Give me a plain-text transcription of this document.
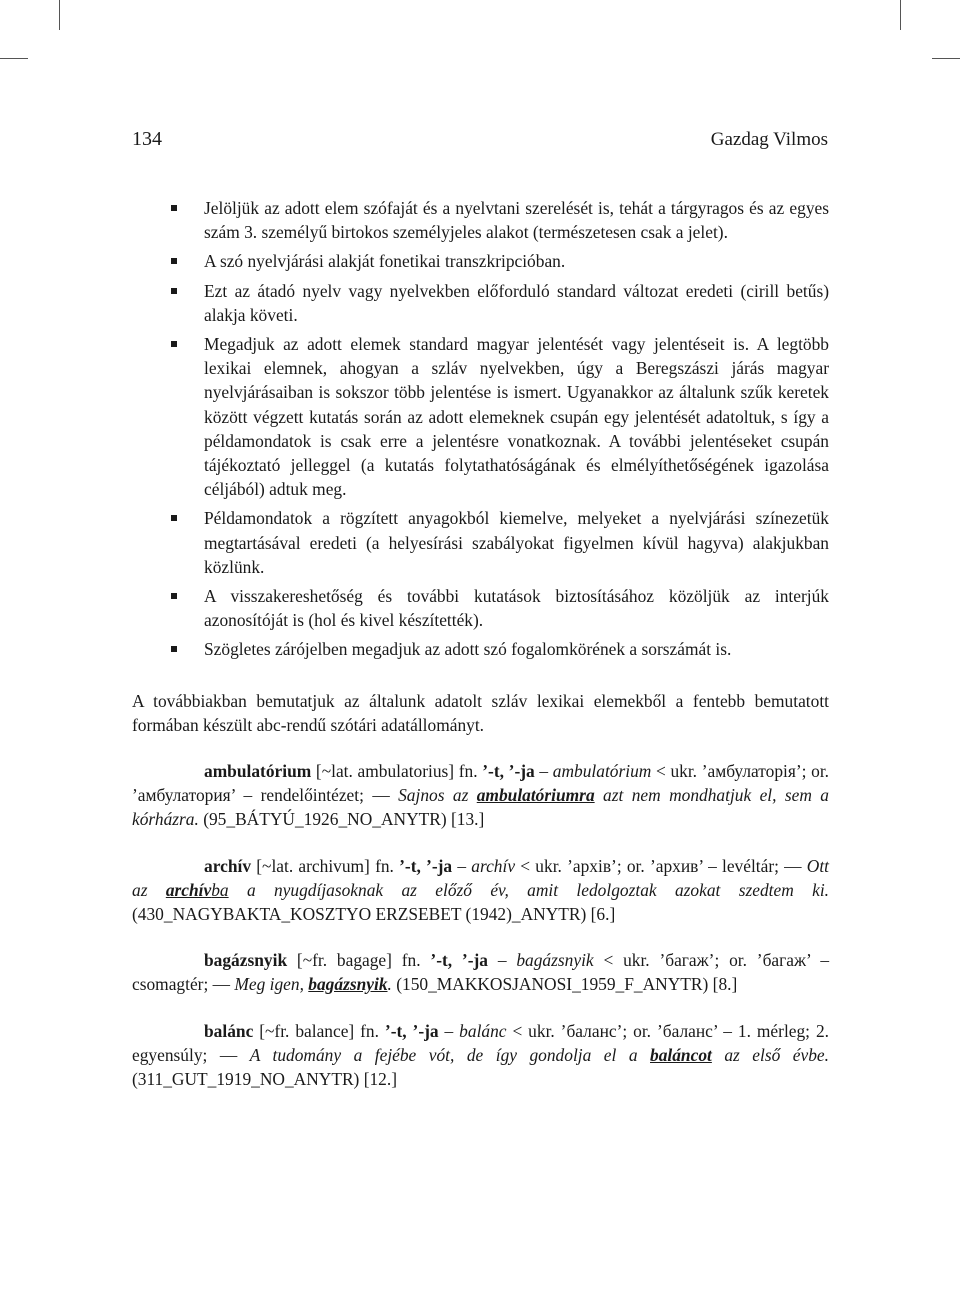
134	Gazdag Vilmos
Jelöljük az adott elem szófaját és a nyelvtani szerelését is, tehát a tárgyragos és az egyes szám 3. személyű birtokos személyjeles alakot (természetesen csak a jelet).
A szó nyelvjárási alakját fonetikai transzkripcióban.
Ezt az átadó nyelv vagy nyelvekben előforduló standard változat eredeti (cirill betűs) alakja követi.
Megadjuk az adott elemek standard magyar jelentését vagy jelentéseit is. A legtöbb lexikai elemnek, ahogyan a szláv nyelvekben, úgy a Beregszászi járás magyar nyelvjárásaiban is sokszor több jelentése is ismert. Ugyanakkor az általunk szűk keretek között végzett kutatás során az adott elemeknek csupán egy jelentését adatoltuk, s így a példamondatok is csak erre a jelentésre vonatkoznak. A további jelentéseket csupán tájékoztató jelleggel (a kutatás folytathatóságának és elmélyíthetőségének igazolása céljából) adtuk meg.
Példamondatok a rögzített anyagokból kiemelve, melyeket a nyelvjárási színezetük megtartásával eredeti (a helyesírási szabályokat figyelmen kívül hagyva) alakjukban közlünk.
A visszakereshetőség és további kutatások biztosításához közöljük az interjúk azonosítóját is (hol és kivel készítették).
Szögletes zárójelben megadjuk az adott szó fogalomkörének a sorszámát is.

A továbbiakban bemutatjuk az általunk adatolt szláv lexikai elemekből a fentebb bemutatott formában készült abc-rendű szótári adatállományt.

ambulatórium [~lat. ambulatorius] fn. ’-t, ’-ja – ambulatórium < ukr. ’амбулаторія’; or. ’амбулатория’ – rendelőintézet; — Sajnos az ambulatóriumra azt nem mondhatjuk el, sem a kórházra. (95_BÁTYÚ_1926_NO_ANYTR) [13.]

archív [~lat. archivum] fn. ’-t, ’-ja – archív < ukr. ’архів’; or. ’архив’ – levéltár; — Ott az archívba a nyugdíjasoknak az előző év, amit ledolgoztak azokat szedtem ki. (430_NAGYBAKTA_KOSZTYO ERZSEBET (1942)_ANYTR) [6.]

bagázsnyik [~fr. bagage] fn. ’-t, ’-ja – bagázsnyik < ukr. ’багаж’; or. ’багаж’ – csomagtér; — Meg igen, bagázsnyik. (150_MAKKOSJANOSI_1959_F_ANYTR) [8.]

balánc [~fr. balance] fn. ’-t, ’-ja – balánc < ukr. ’баланс’; or. ’баланс’ – 1. mérleg; 2. egyensúly; — A tudomány a fejébe vót, de így gondolja el a baláncot az első évbe. (311_GUT_1919_NO_ANYTR) [12.]
